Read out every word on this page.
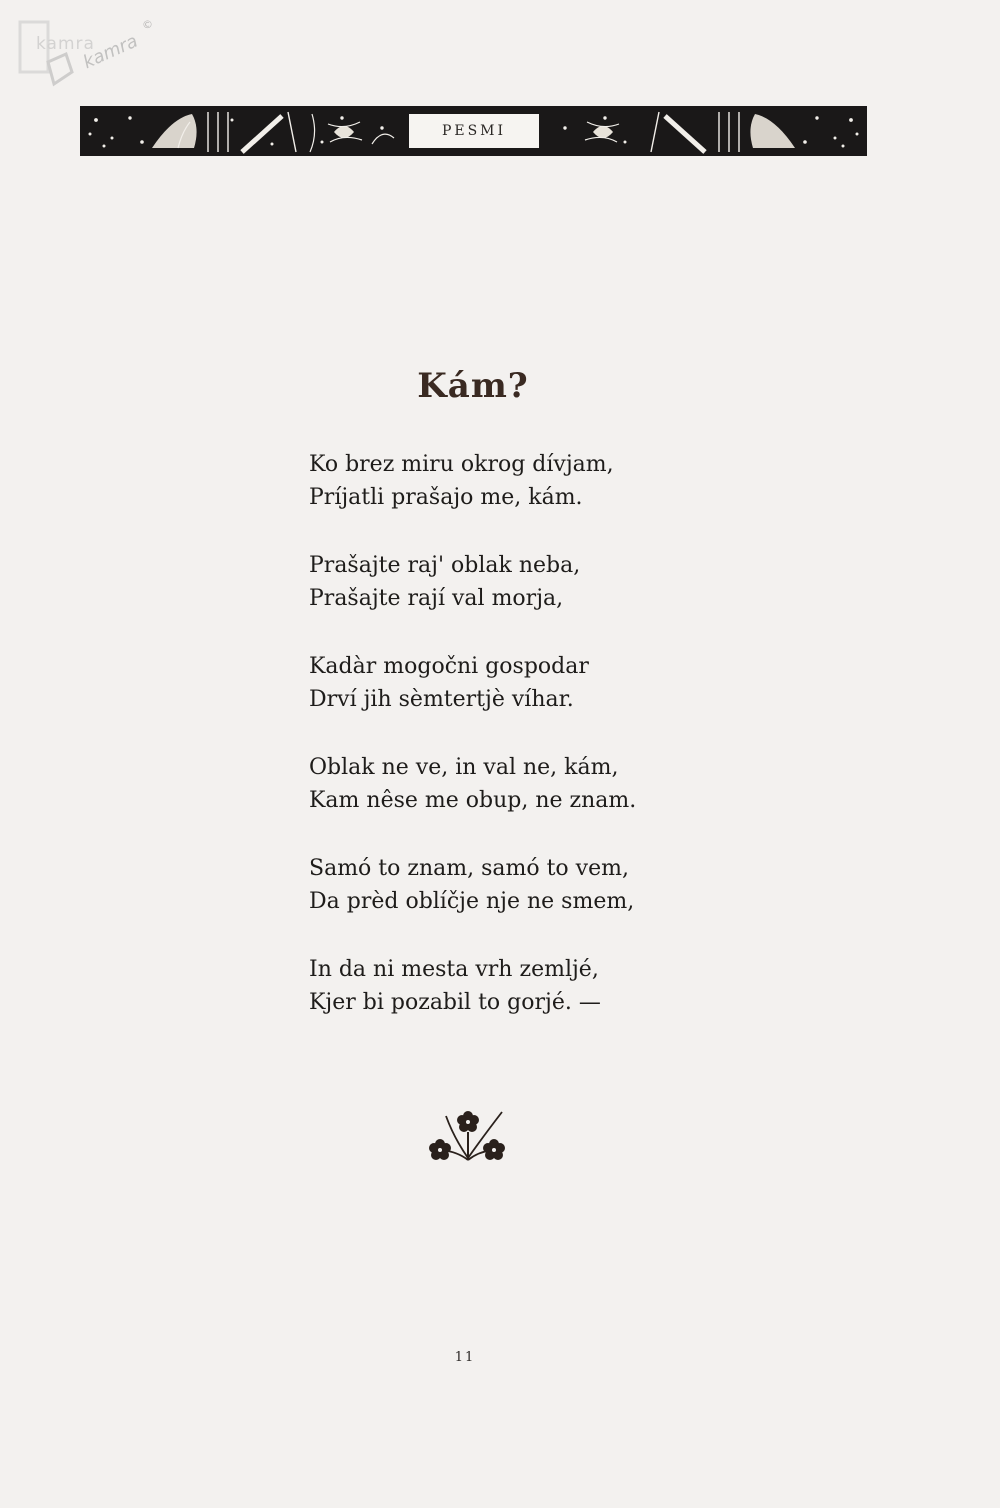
kamra
kamra
©
PESMI
Kám?
Ko brez miru okrog dívjam,
Príjatli prašajo me, kám.
Prašajte raj' oblak neba,
Prašajte rají val morja,
Kadàr mogočni gospodar
Drví jih sèmtertjè víhar.
Oblak ne ve, in val ne, kám,
Kam nêse me obup, ne znam.
Samó to znam, samó to vem,
Da prèd oblíčje nje ne smem,
In da ni mesta vrh zemljé,
Kjer bi pozabil to gorjé. —
11
